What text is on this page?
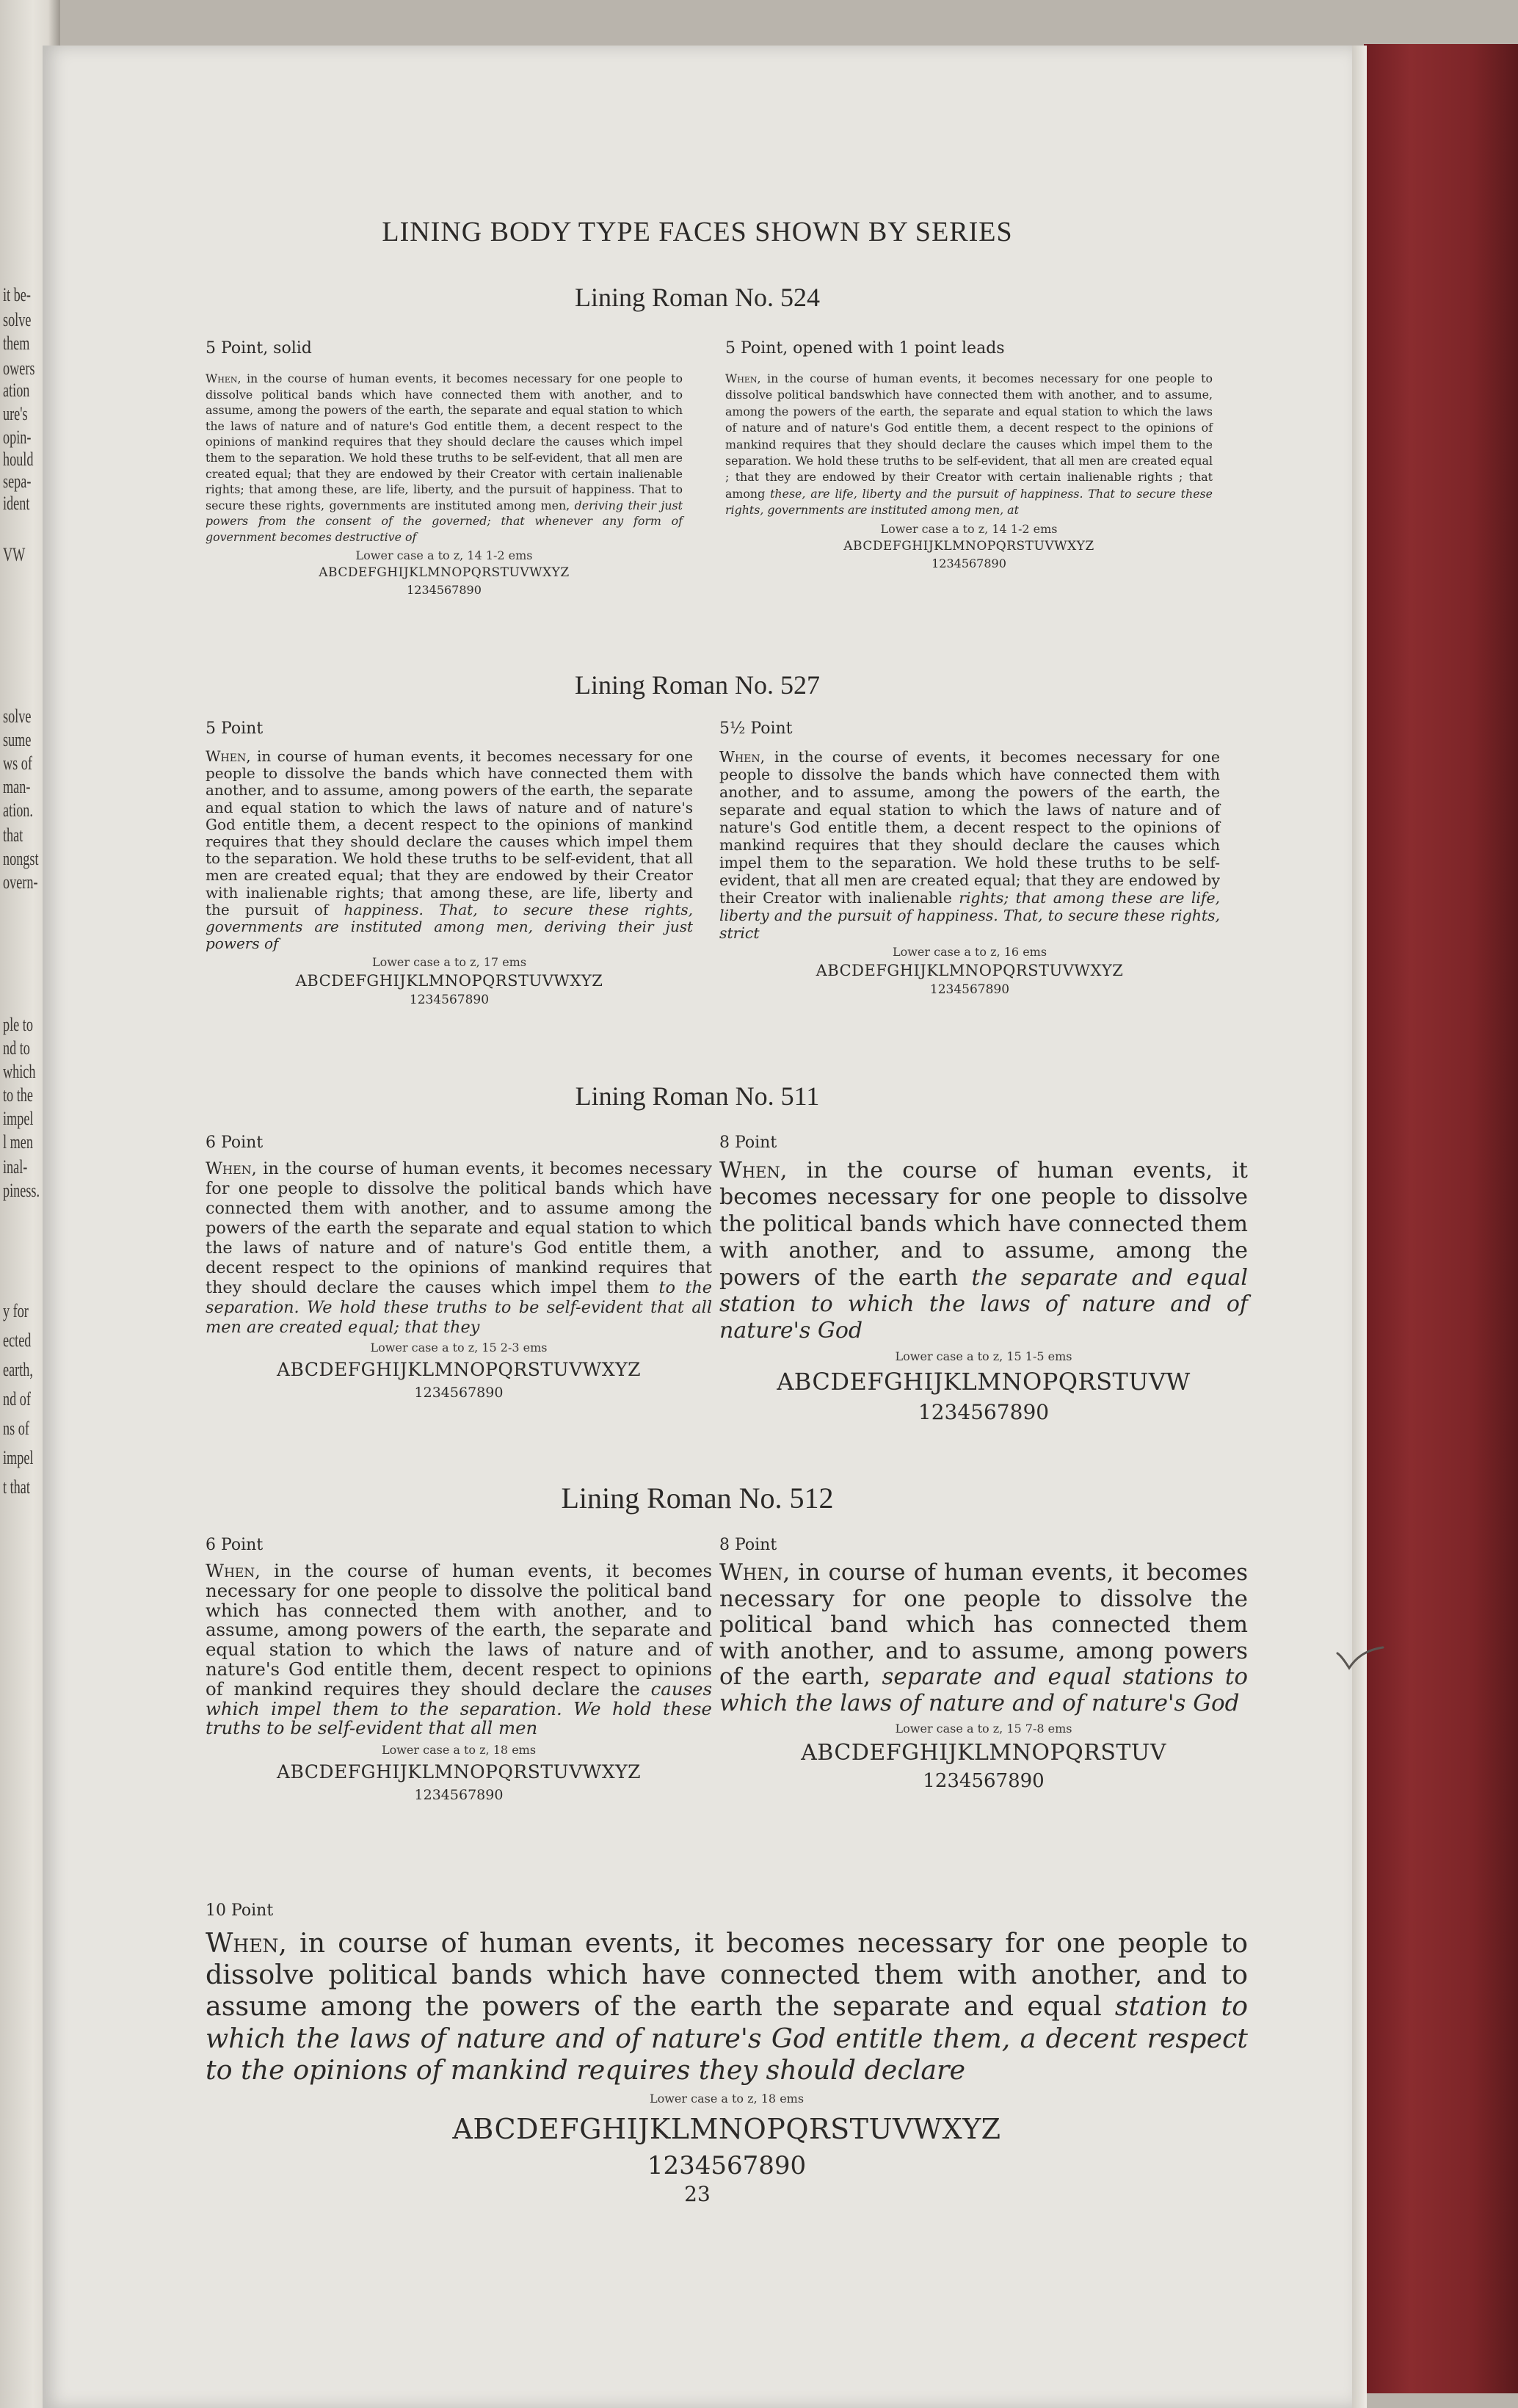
it be-
solve
them
owers
ation
ure's
opin-
hould
sepa-
ident
VW
solve
sume
ws of
man-
ation.
that
nongst
overn-
ple to
nd to
which
to the
impel
l men
inal-
piness.
y for
ected
earth,
nd of
ns of
impel
t that
LINING BODY TYPE FACES SHOWN BY SERIES
Lining Roman No. 524
5 Point, solid

When, in the course of human events, it becomes necessary for one people to dissolve political bands which have connected them with another, and to assume, among the powers of the earth, the separate and equal station to which the laws of nature and of nature's God entitle them, a decent respect to the opinions of mankind requires that they should declare the causes which impel them to the separation. We hold these truths to be self-evident, that all men are created equal; that they are endowed by their Creator with certain inalienable rights; that among these, are life, liberty, and the pursuit of happiness. That to secure these rights, governments are instituted among men, deriving their just powers from the consent of the governed; that whenever any form of government becomes destructive of

Lower case a to z, 14 1-2 ems
ABCDEFGHIJKLMNOPQRSTUVWXYZ
1234567890
5 Point, opened with 1 point leads

When, in the course of human events, it becomes necessary for one people to dissolve political bandswhich have connected them with another, and to assume, among the powers of the earth, the separate and equal station to which the laws of nature and of nature's God entitle them, a decent respect to the opinions of mankind requires that they should declare the causes which impel them to the separation. We hold these truths to be self-evident, that all men are created equal ; that they are endowed by their Creator with certain inalienable rights ; that among these, are life, liberty and the pursuit of happiness. That to secure these rights, governments are instituted among men, at

Lower case a to z, 14 1-2 ems
ABCDEFGHIJKLMNOPQRSTUVWXYZ
1234567890
Lining Roman No. 527
5 Point

When, in course of human events, it becomes necessary for one people to dissolve the bands which have connected them with another, and to assume, among powers of the earth, the separate and equal station to which the laws of nature and of nature's God entitle them, a decent respect to the opinions of mankind requires that they should declare the causes which impel them to the separation. We hold these truths to be self-evident, that all men are created equal; that they are endowed by their Creator with inalienable rights; that among these, are life, liberty and the pursuit of happiness. That, to secure these rights, governments are instituted among men, deriving their just powers of

Lower case a to z, 17 ems
ABCDEFGHIJKLMNOPQRSTUVWXYZ
1234567890
5½ Point

When, in the course of events, it becomes necessary for one people to dissolve the bands which have connected them with another, and to assume, among the powers of the earth, the separate and equal station to which the laws of nature and of nature's God entitle them, a decent respect to the opinions of mankind requires that they should declare the causes which impel them to the separation. We hold these truths to be self-evident, that all men are created equal; that they are endowed by their Creator with inalienable rights; that among these are life, liberty and the pursuit of happiness. That, to secure these rights, strict

Lower case a to z, 16 ems
ABCDEFGHIJKLMNOPQRSTUVWXYZ
1234567890
Lining Roman No. 511
6 Point

When, in the course of human events, it becomes necessary for one people to dissolve the political bands which have connected them with another, and to assume among the powers of the earth the separate and equal station to which the laws of nature and of nature's God entitle them, a decent respect to the opinions of mankind requires that they should declare the causes which impel them to the separation. We hold these truths to be self-evident that all men are created equal; that they

Lower case a to z, 15 2-3 ems
ABCDEFGHIJKLMNOPQRSTUVWXYZ
1234567890
8 Point

When, in the course of human events, it becomes necessary for one people to dissolve the political bands which have connected them with another, and to assume, among the powers of the earth the separate and equal station to which the laws of nature and of nature's God

Lower case a to z, 15 1-5 ems
ABCDEFGHIJKLMNOPQRSTUVW
1234567890
Lining Roman No. 512
6 Point

When, in the course of human events, it becomes necessary for one people to dissolve the political band which has connected them with another, and to assume, among powers of the earth, the separate and equal station to which the laws of nature and of nature's God entitle them, decent respect to opinions of mankind requires they should declare the causes which impel them to the separation. We hold these truths to be self-evident that all men

Lower case a to z, 18 ems
ABCDEFGHIJKLMNOPQRSTUVWXYZ
1234567890
8 Point

When, in course of human events, it becomes necessary for one people to dissolve the political band which has connected them with another, and to assume, among powers of the earth, separate and equal stations to which the laws of nature and of nature's God

Lower case a to z, 15 7-8 ems
ABCDEFGHIJKLMNOPQRSTUV
1234567890
10 Point

When, in course of human events, it becomes necessary for one people to dissolve political bands which have connected them with another, and to assume among the powers of the earth the separate and equal station to which the laws of nature and of nature's God entitle them, a decent respect to the opinions of mankind requires they should declare

Lower case a to z, 18 ems
ABCDEFGHIJKLMNOPQRSTUVWXYZ
1234567890
23
